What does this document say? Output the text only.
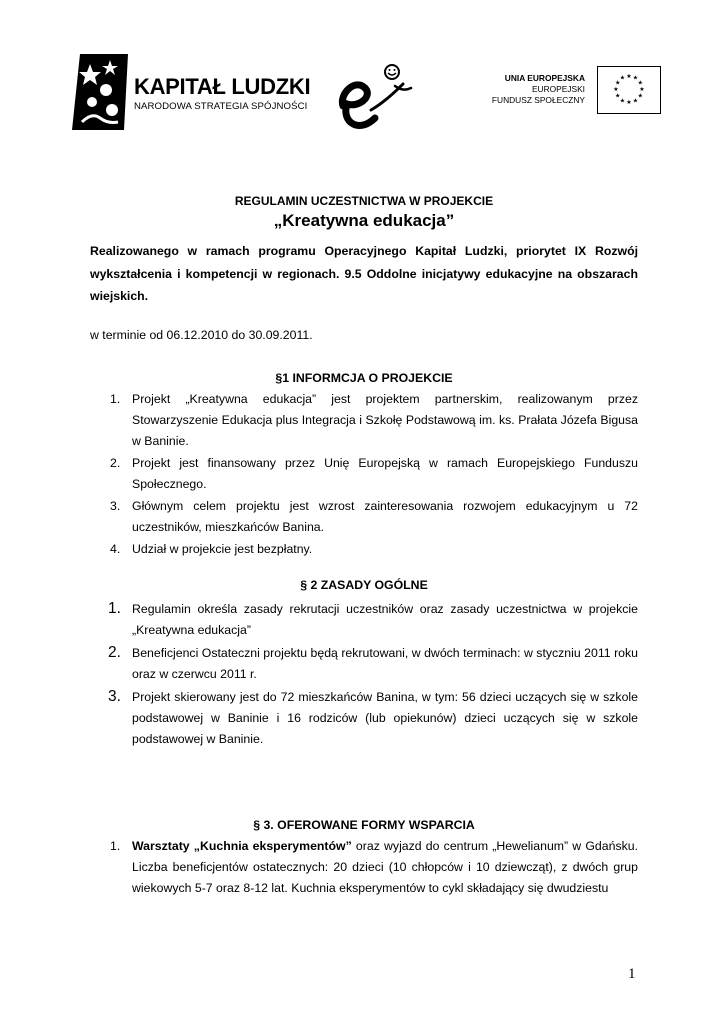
KAPITAŁ LUDZKI
NARODOWA STRATEGIA SPÓJNOŚCI
UNIA EUROPEJSKA
EUROPEJSKI
FUNDUSZ SPOŁECZNY
★ ★
★
★
★
★
★
★
★
★
★
★
REGULAMIN UCZESTNICTWA W PROJEKCIE
„Kreatywna edukacja”
Realizowanego w ramach programu Operacyjnego Kapitał Ludzki, priorytet IX Rozwój wykształcenia i kompetencji w regionach. 9.5 Oddolne inicjatywy edukacyjne na obszarach wiejskich.
w terminie od 06.12.2010 do 30.09.2011.
§1 INFORMCJA O PROJEKCIE
1. Projekt „Kreatywna edukacja” jest projektem partnerskim, realizowanym przez Stowarzyszenie Edukacja plus Integracja i Szkołę Podstawową im. ks. Prałata Józefa Bigusa w Baninie.
2. Projekt jest finansowany przez Unię Europejską w ramach Europejskiego Funduszu Społecznego.
3. Głównym celem projektu jest wzrost zainteresowania rozwojem edukacyjnym u 72 uczestników, mieszkańców Banina.
4. Udział w projekcie jest bezpłatny.
§ 2 ZASADY OGÓLNE
1. Regulamin określa zasady rekrutacji uczestników oraz zasady uczestnictwa w projekcie „Kreatywna edukacja”
2. Beneficjenci Ostateczni projektu będą rekrutowani, w dwóch terminach: w styczniu 2011 roku oraz w czerwcu 2011 r.
3. Projekt skierowany jest do 72 mieszkańców Banina, w tym: 56 dzieci uczących się w szkole podstawowej w Baninie i 16 rodziców (lub opiekunów) dzieci uczących się w szkole podstawowej w Baninie.
§ 3. OFEROWANE FORMY WSPARCIA
1. Warsztaty „Kuchnia eksperymentów” oraz wyjazd do centrum „Hewelianum” w Gdańsku. Liczba beneficjentów ostatecznych: 20 dzieci (10 chłopców i 10 dziewcząt), z dwóch grup wiekowych 5-7 oraz 8-12 lat. Kuchnia eksperymentów to cykl składający się dwudziestu
1
